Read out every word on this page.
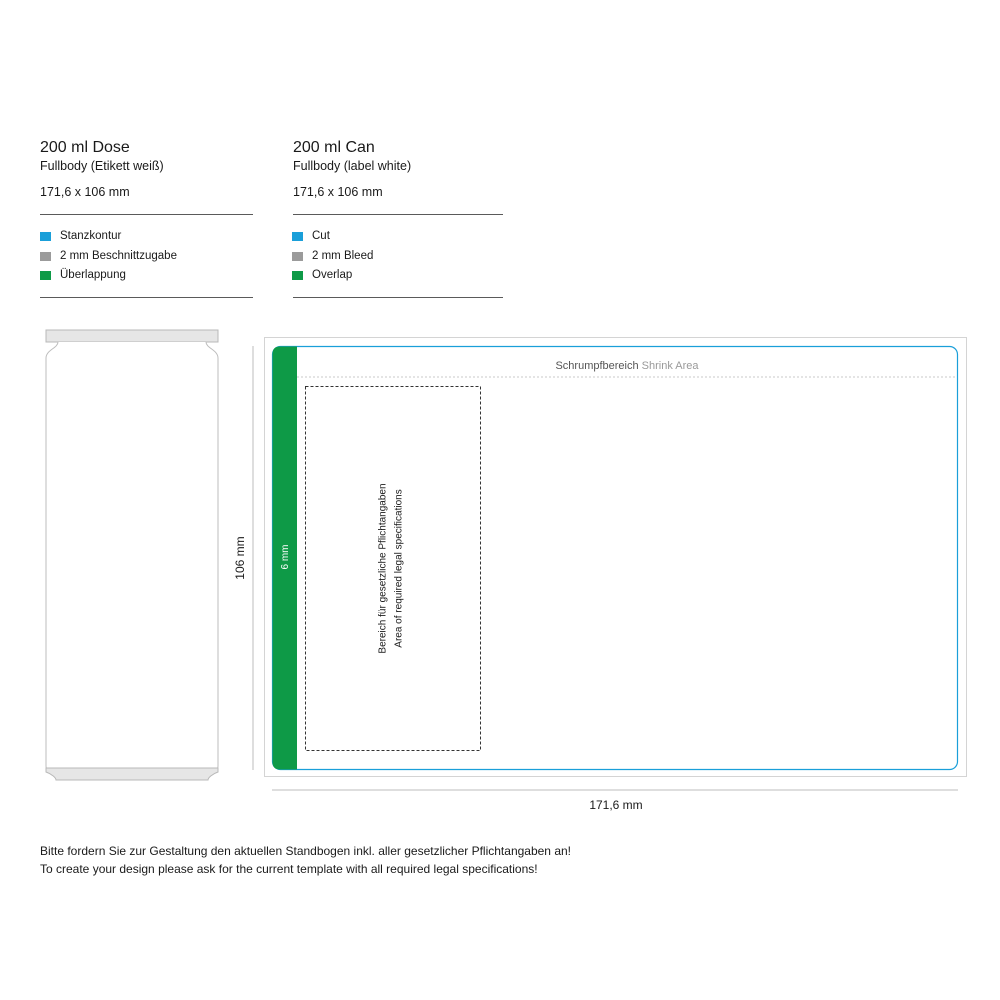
200 ml Dose
Fullbody (Etikett weiß)
171,6 x 106 mm
Stanzkontur
2 mm Beschnittzugabe
Überlappung
200 ml Can
Fullbody (label white)
171,6 x 106 mm
Cut
2 mm Bleed
Overlap
106 mm	6 mm
Schrumpfbereich Shrink Area
Bereich für gesetzliche Pflichtangaben Area of required legal specifications
171,6 mm
Bitte fordern Sie zur Gestaltung den aktuellen Standbogen inkl. aller gesetzlicher Pflichtangaben an!
To create your design please ask for the current template with all required legal specifications!
